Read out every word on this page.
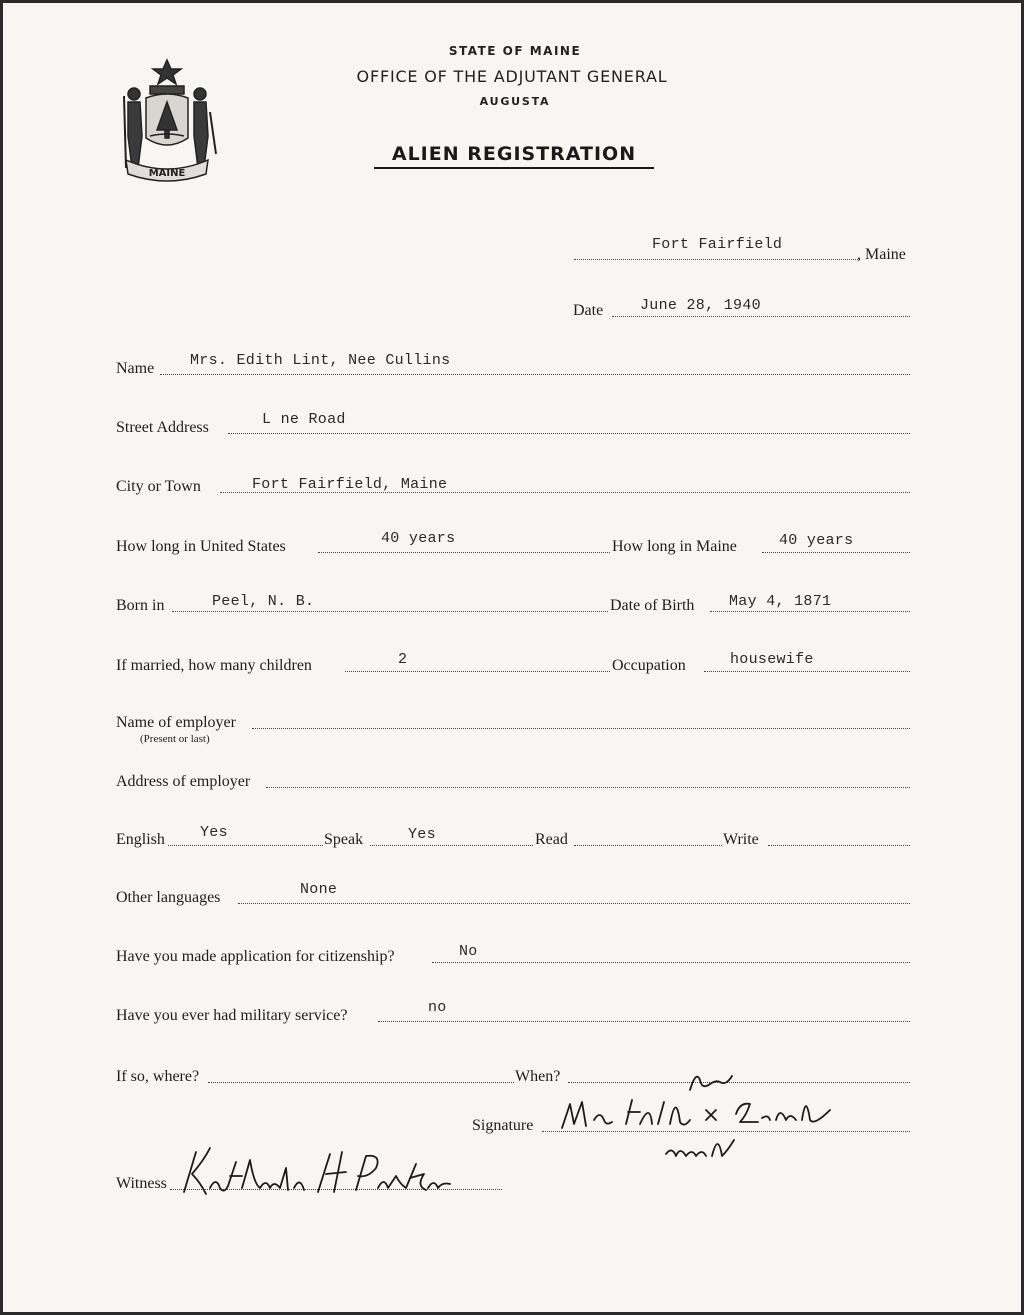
MAINE
STATE OF MAINE
OFFICE OF THE ADJUTANT GENERAL
AUGUSTA
ALIEN REGISTRATION
Fort Fairfield
, Maine
Date June 28, 1940
Name Mrs. Edith Lint, Nee Cullins
Street Address	L ne Road
City or Town	Fort Fairfield, Maine
How long in United States	40 years	How long in Maine	40 years
Born in	Peel, N. B.	Date of Birth May 4, 1871
If married, how many children	2	Occupation	housewife
Name of employer
(Present or last)
Address of employer
English Yes	Speak	Yes	Read	Write
Other languages	None
Have you made application for citizenship?	No
Have you ever had military service?	no
If so, where?	When?
Signature
Witness
